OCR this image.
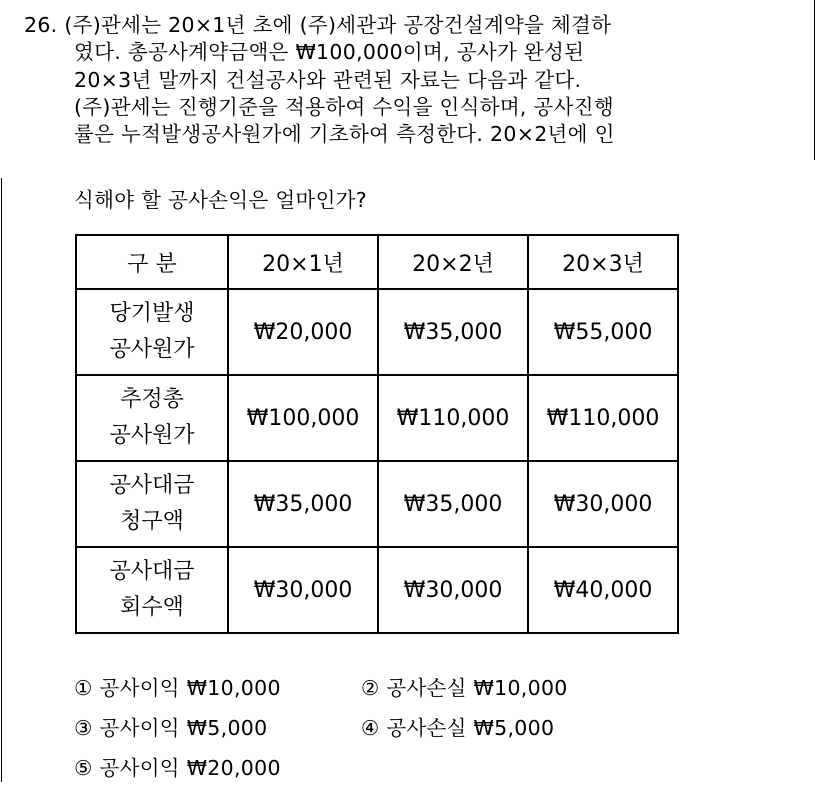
26. (주)관세는 20×1년 초에 (주)세관과 공장건설계약을 체결하
였다. 총공사계약금액은 ₩100,000이며, 공사가 완성된
20×3년 말까지 건설공사와 관련된 자료는 다음과 같다.
(주)관세는 진행기준을 적용하여 수익을 인식하며, 공사진행
률은 누적발생공사원가에 기초하여 측정한다. 20×2년에 인
식해야 할 공사손익은 얼마인가?
구 분	20×1년	20×2년	20×3년

당기발생
공사원가	₩20,000	₩35,000	₩55,000

추정총
공사원가	₩100,000	₩110,000	₩110,000

공사대금
청구액	₩35,000	₩35,000	₩30,000

공사대금
회수액	₩30,000	₩30,000	₩40,000
① 공사이익 ₩10,000	② 공사손실 ₩10,000
③ 공사이익 ₩5,000	④ 공사손실 ₩5,000
⑤ 공사이익 ₩20,000
